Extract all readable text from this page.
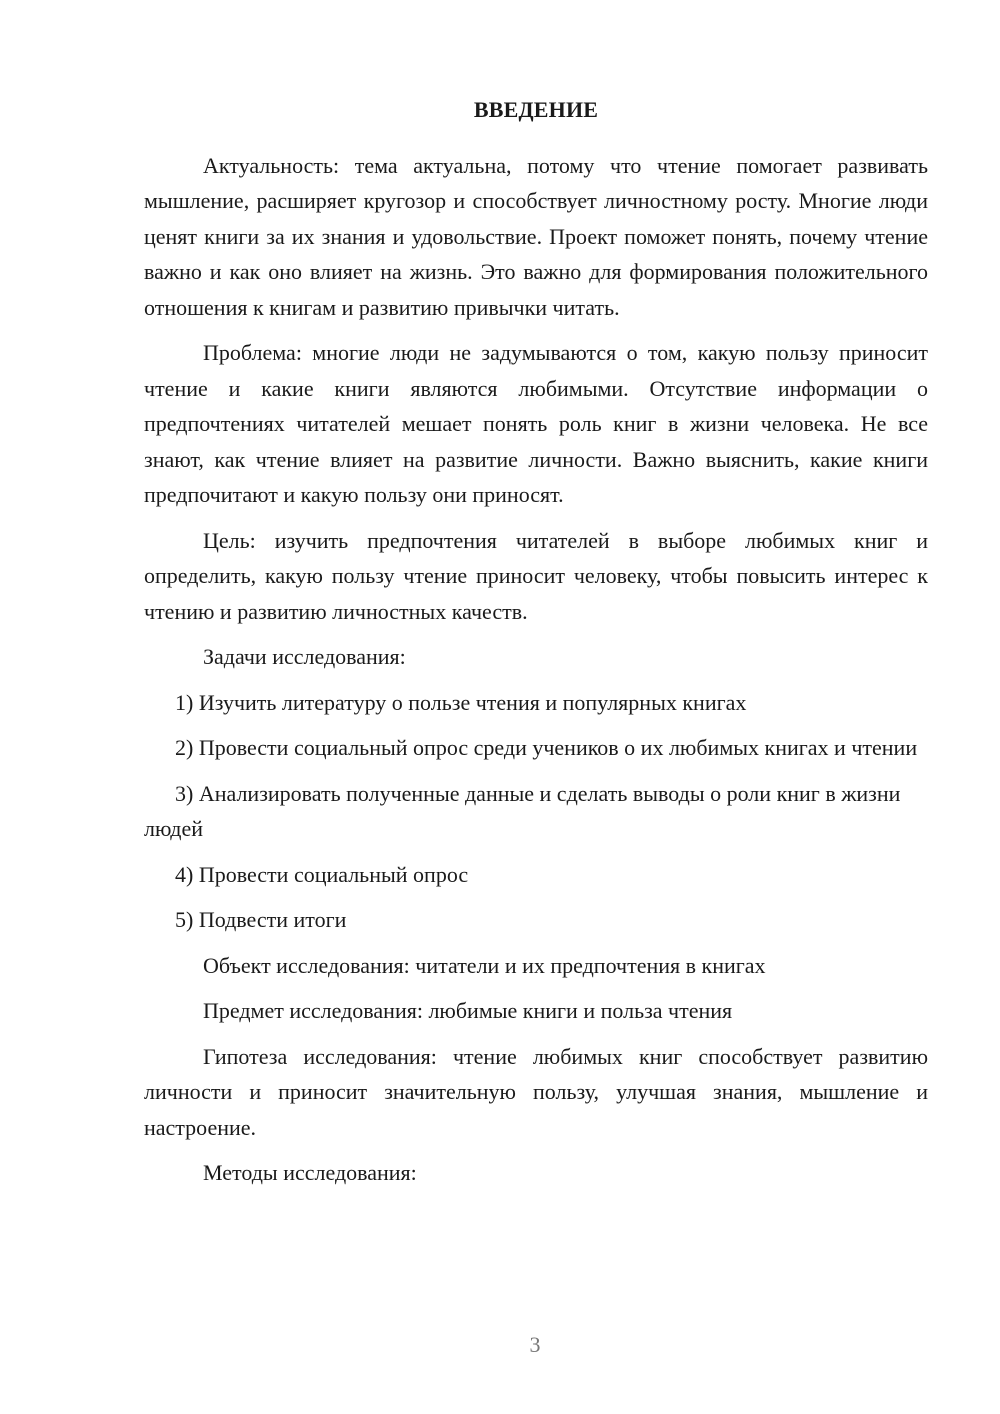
ВВЕДЕНИЕ

Актуальность: тема актуальна, потому что чтение помогает развивать мышление, расширяет кругозор и способствует личностному росту. Многие люди ценят книги за их знания и удовольствие. Проект поможет понять, почему чтение важно и как оно влияет на жизнь. Это важно для формирования положительного отношения к книгам и развитию привычки читать.

Проблема: многие люди не задумываются о том, какую пользу приносит чтение и какие книги являются любимыми. Отсутствие информации о предпочтениях читателей мешает понять роль книг в жизни человека. Не все знают, как чтение влияет на развитие личности. Важно выяснить, какие книги предпочитают и какую пользу они приносят.

Цель: изучить предпочтения читателей в выборе любимых книг и определить, какую пользу чтение приносит человеку, чтобы повысить интерес к чтению и развитию личностных качеств.

Задачи исследования:

1) Изучить литературу о пользе чтения и популярных книгах

2) Провести социальный опрос среди учеников о их любимых книгах и чтении

3) Анализировать полученные данные и сделать выводы о роли книг в жизни людей

4) Провести социальный опрос

5) Подвести итоги

Объект исследования: читатели и их предпочтения в книгах

Предмет исследования: любимые книги и польза чтения

Гипотеза исследования: чтение любимых книг способствует развитию личности и приносит значительную пользу, улучшая знания, мышление и настроение.

Методы исследования:

3
